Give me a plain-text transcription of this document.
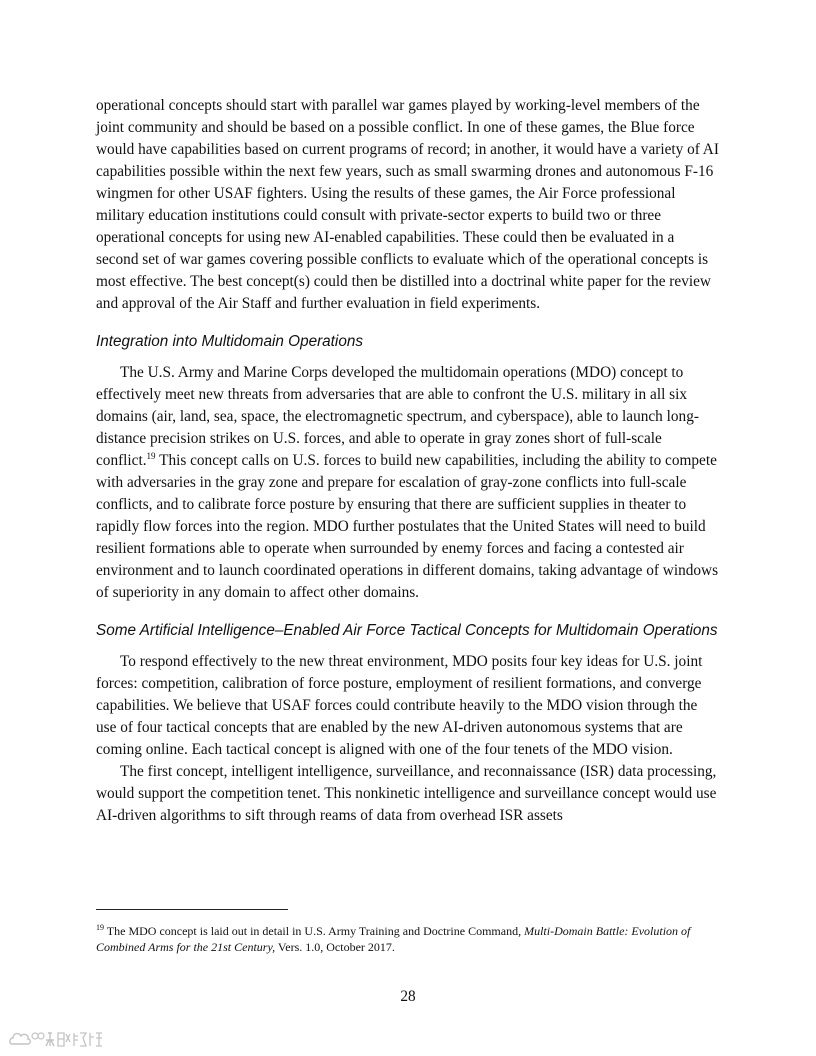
operational concepts should start with parallel war games played by working-level members of the joint community and should be based on a possible conflict. In one of these games, the Blue force would have capabilities based on current programs of record; in another, it would have a variety of AI capabilities possible within the next few years, such as small swarming drones and autonomous F-16 wingmen for other USAF fighters. Using the results of these games, the Air Force professional military education institutions could consult with private-sector experts to build two or three operational concepts for using new AI-enabled capabilities. These could then be evaluated in a second set of war games covering possible conflicts to evaluate which of the operational concepts is most effective. The best concept(s) could then be distilled into a doctrinal white paper for the review and approval of the Air Staff and further evaluation in field experiments.

Integration into Multidomain Operations

The U.S. Army and Marine Corps developed the multidomain operations (MDO) concept to effectively meet new threats from adversaries that are able to confront the U.S. military in all six domains (air, land, sea, space, the electromagnetic spectrum, and cyberspace), able to launch long-distance precision strikes on U.S. forces, and able to operate in gray zones short of full-scale conflict.$^{19}$ This concept calls on U.S. forces to build new capabilities, including the ability to compete with adversaries in the gray zone and prepare for escalation of gray-zone conflicts into full-scale conflicts, and to calibrate force posture by ensuring that there are sufficient supplies in theater to rapidly flow forces into the region. MDO further postulates that the United States will need to build resilient formations able to operate when surrounded by enemy forces and facing a contested air environment and to launch coordinated operations in different domains, taking advantage of windows of superiority in any domain to affect other domains.

Some Artificial Intelligence–Enabled Air Force Tactical Concepts for Multidomain Operations

To respond effectively to the new threat environment, MDO posits four key ideas for U.S. joint forces: competition, calibration of force posture, employment of resilient formations, and converge capabilities. We believe that USAF forces could contribute heavily to the MDO vision through the use of four tactical concepts that are enabled by the new AI-driven autonomous systems that are coming online. Each tactical concept is aligned with one of the four tenets of the MDO vision.

The first concept, intelligent intelligence, surveillance, and reconnaissance (ISR) data processing, would support the competition tenet. This nonkinetic intelligence and surveillance concept would use AI-driven algorithms to sift through reams of data from overhead ISR assets

$^{19}$ The MDO concept is laid out in detail in U.S. Army Training and Doctrine Command, Multi-Domain Battle: Evolution of Combined Arms for the 21st Century, Vers. 1.0, October 2017.

28
